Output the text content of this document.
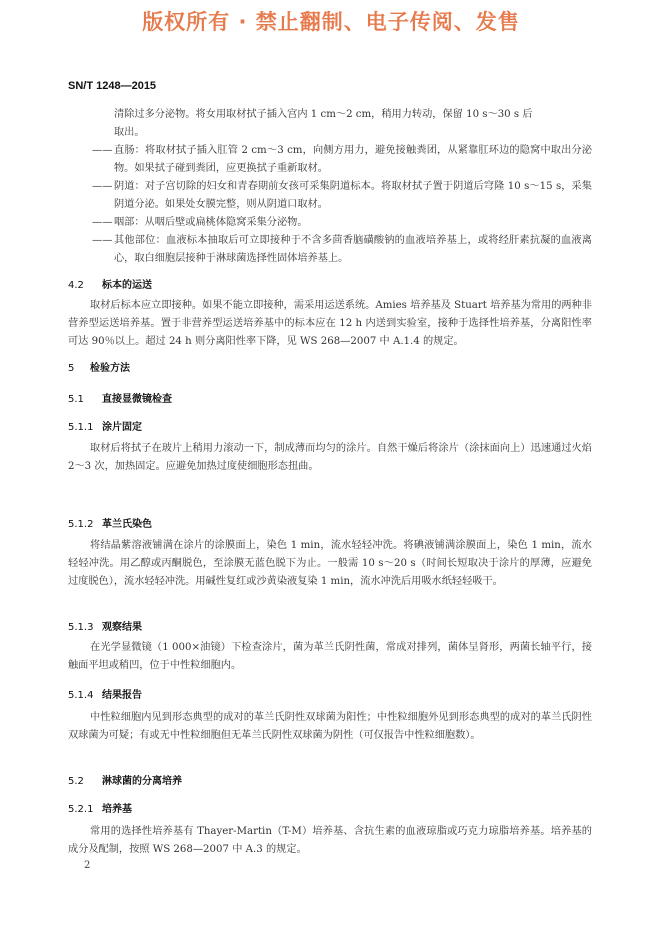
版权所有 · 禁止翻制、电子传阅、发售
SN/T 1248—2015

清除过多分泌物。将女用取材拭子插入宫内 1 cm～2 cm，稍用力转动，保留 10 s～30 s 后

取出。

—— 直肠：将取材拭子插入肛管 2 cm～3 cm，向侧方用力，避免接触粪团，从紧靠肛环边的隐窝中取出分泌物。如果拭子碰到粪团，应更换拭子重新取材。

—— 阴道：对子宫切除的妇女和青春期前女孩可采集阴道标本。将取材拭子置于阴道后穹隆 10 s～15 s，采集阴道分泌。如果处女膜完整，则从阴道口取材。

—— 咽部：从咽后壁或扁桃体隐窝采集分泌物。

—— 其他部位：血液标本抽取后可立即接种于不含多茴香脑磺酸钠的血液培养基上，或将经肝素抗凝的血液离心，取白细胞层接种于淋球菌选择性固体培养基上。

4.2 标本的运送

取材后标本应立即接种。如果不能立即接种，需采用运送系统。Amies 培养基及 Stuart 培养基为常用的两种非营养型运送培养基。置于非营养型运送培养基中的标本应在 12 h 内送到实验室，接种于选择性培养基，分离阳性率可达 90％以上。超过 24 h 则分离阳性率下降，见 WS 268—2007 中 A.1.4 的规定。

5 检验方法
5.1 直接显微镜检查
5.1.1 涂片固定

取材后将拭子在玻片上稍用力滚动一下，制成薄而均匀的涂片。自然干燥后将涂片（涂抹面向上）迅速通过火焰 2～3 次，加热固定。应避免加热过度使细胞形态扭曲。

5.1.2 革兰氏染色

将结晶紫溶液铺满在涂片的涂膜面上，染色 1 min，流水轻轻冲洗。将碘液铺满涂膜面上，染色 1 min，流水轻轻冲洗。用乙醇或丙酮脱色，至涂膜无蓝色脱下为止。一般需 10 s～20 s（时间长短取决于涂片的厚薄，应避免过度脱色），流水轻轻冲洗。用碱性复红或沙黄染液复染 1 min，流水冲洗后用吸水纸轻轻吸干。

5.1.3 观察结果

在光学显微镜（1 000×油镜）下检查涂片，菌为革兰氏阴性菌，常成对排列，菌体呈肾形，两菌长轴平行，接触面平坦或稍凹，位于中性粒细胞内。

5.1.4 结果报告

中性粒细胞内见到形态典型的成对的革兰氏阴性双球菌为阳性；中性粒细胞外见到形态典型的成对的革兰氏阴性双球菌为可疑；有或无中性粒细胞但无革兰氏阴性双球菌为阴性（可仅报告中性粒细胞数）。

5.2 淋球菌的分离培养
5.2.1 培养基

常用的选择性培养基有 Thayer-Martin（T-M）培养基、含抗生素的血液琼脂或巧克力琼脂培养基。培养基的成分及配制，按照 WS 268—2007 中 A.3 的规定。

2
